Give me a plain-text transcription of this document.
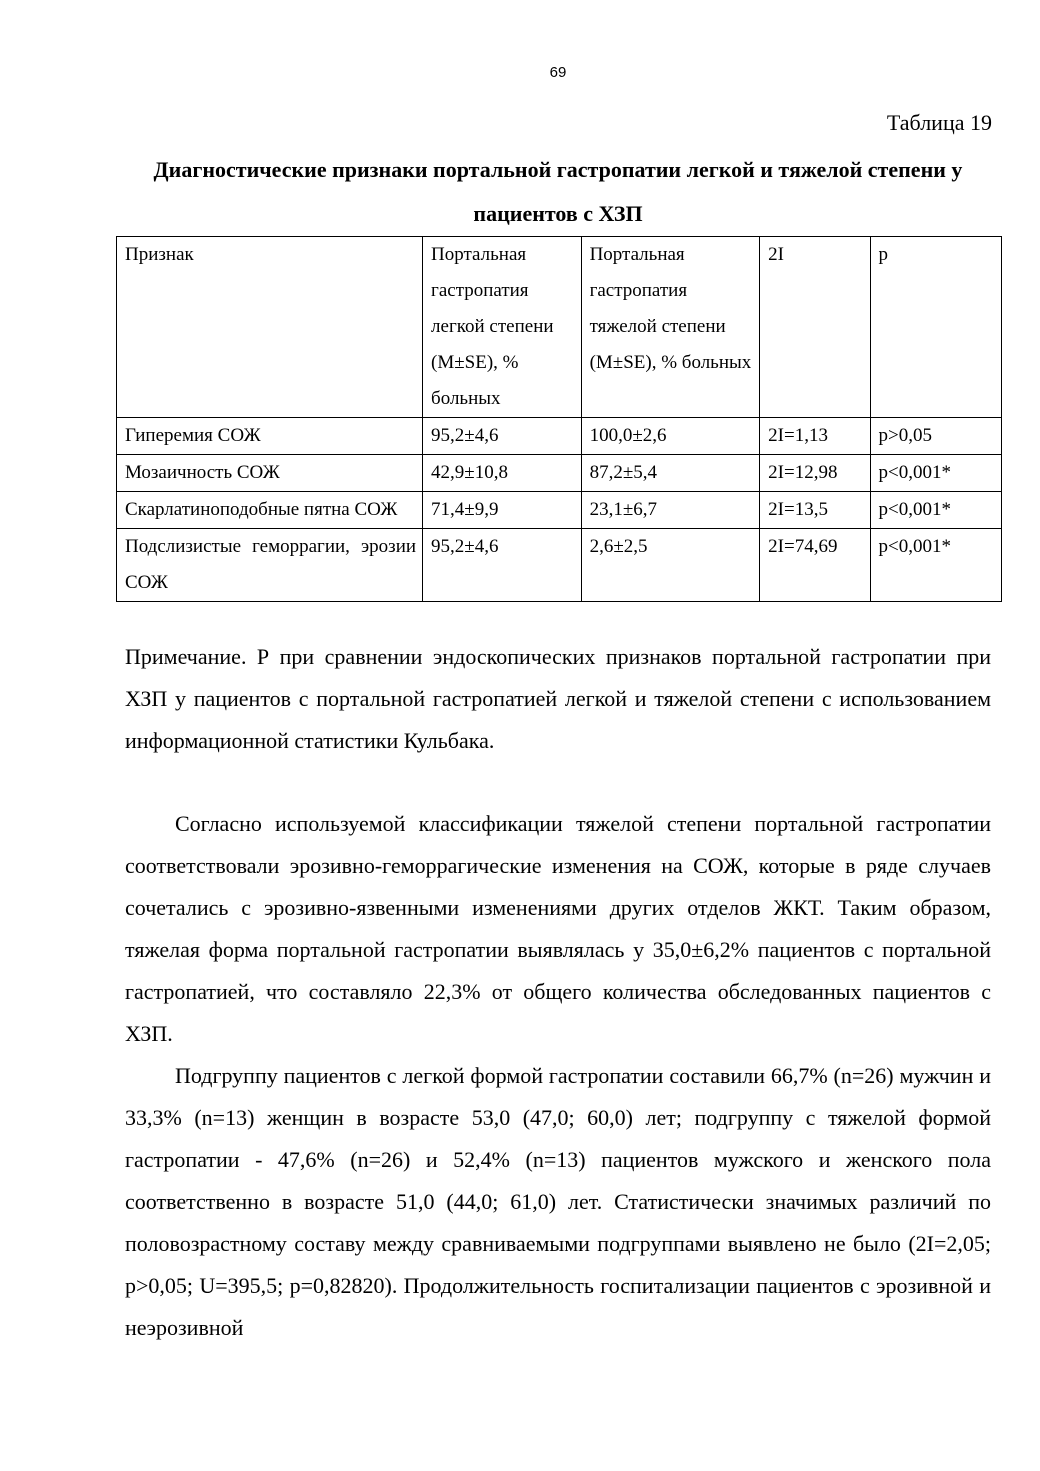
69
Таблица 19
Диагностические признаки портальной гастропатии легкой и тяжелой степени у пациентов с ХЗП
Признак	Портальная гастропатия легкой степени (M±SE), % больных	Портальная гастропатия тяжелой степени (M±SE), % больных	2I	p
Гиперемия СОЖ	95,2±4,6	100,0±2,6	2I=1,13	p>0,05
Мозаичность СОЖ	42,9±10,8	87,2±5,4	2I=12,98	p<0,001*
Скарлатиноподобные пятна СОЖ	71,4±9,9	23,1±6,7	2I=13,5	p<0,001*
Подслизистые геморрагии, эрозии СОЖ	95,2±4,6	2,6±2,5	2I=74,69	p<0,001*
Примечание. Р при сравнении эндоскопических признаков портальной гастропатии при ХЗП у пациентов с портальной гастропатией легкой и тяжелой степени с использованием информационной статистики Кульбака.

Согласно используемой классификации тяжелой степени портальной гастропатии соответствовали эрозивно-геморрагические изменения на СОЖ, которые в ряде случаев сочетались с эрозивно-язвенными изменениями других отделов ЖКТ. Таким образом, тяжелая форма портальной гастропатии выявлялась у 35,0±6,2% пациентов с портальной гастропатией, что составляло 22,3% от общего количества обследованных пациентов с ХЗП.

Подгруппу пациентов с легкой формой гастропатии составили 66,7% (n=26) мужчин и 33,3% (n=13) женщин в возрасте 53,0 (47,0; 60,0) лет; подгруппу с тяжелой формой гастропатии - 47,6% (n=26) и 52,4% (n=13) пациентов мужского и женского пола соответственно в возрасте 51,0 (44,0; 61,0) лет. Статистически значимых различий по половозрастному составу между сравниваемыми подгруппами выявлено не было (2I=2,05; p>0,05; U=395,5; p=0,82820). Продолжительность госпитализации пациентов с эрозивной и неэрозивной
